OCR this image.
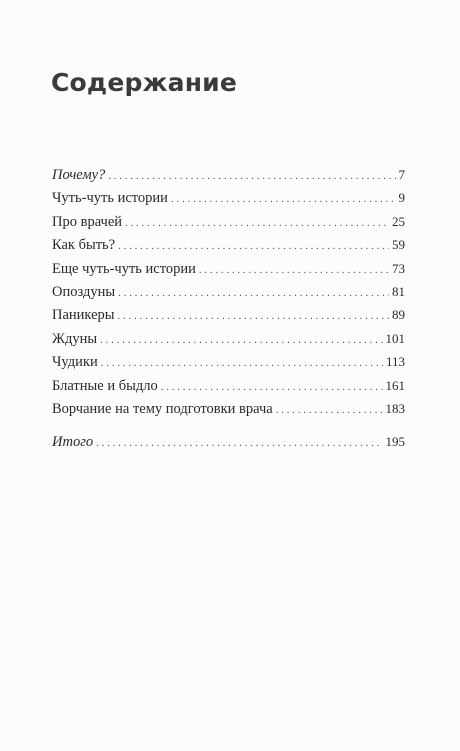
Содержание
Почему? . . .	7
Чуть-чуть истории . . .	9
Про врачей . . .	25
Как быть? . . .	59
Еще чуть-чуть истории . . .	73
Опоздуны . . .	81
Паникеры . . .	89
Ждуны . . .	101
Чудики . . .	113
Блатные и быдло . . .	161
Ворчание на тему подготовки врача . . .	183
Итого . . .	195
